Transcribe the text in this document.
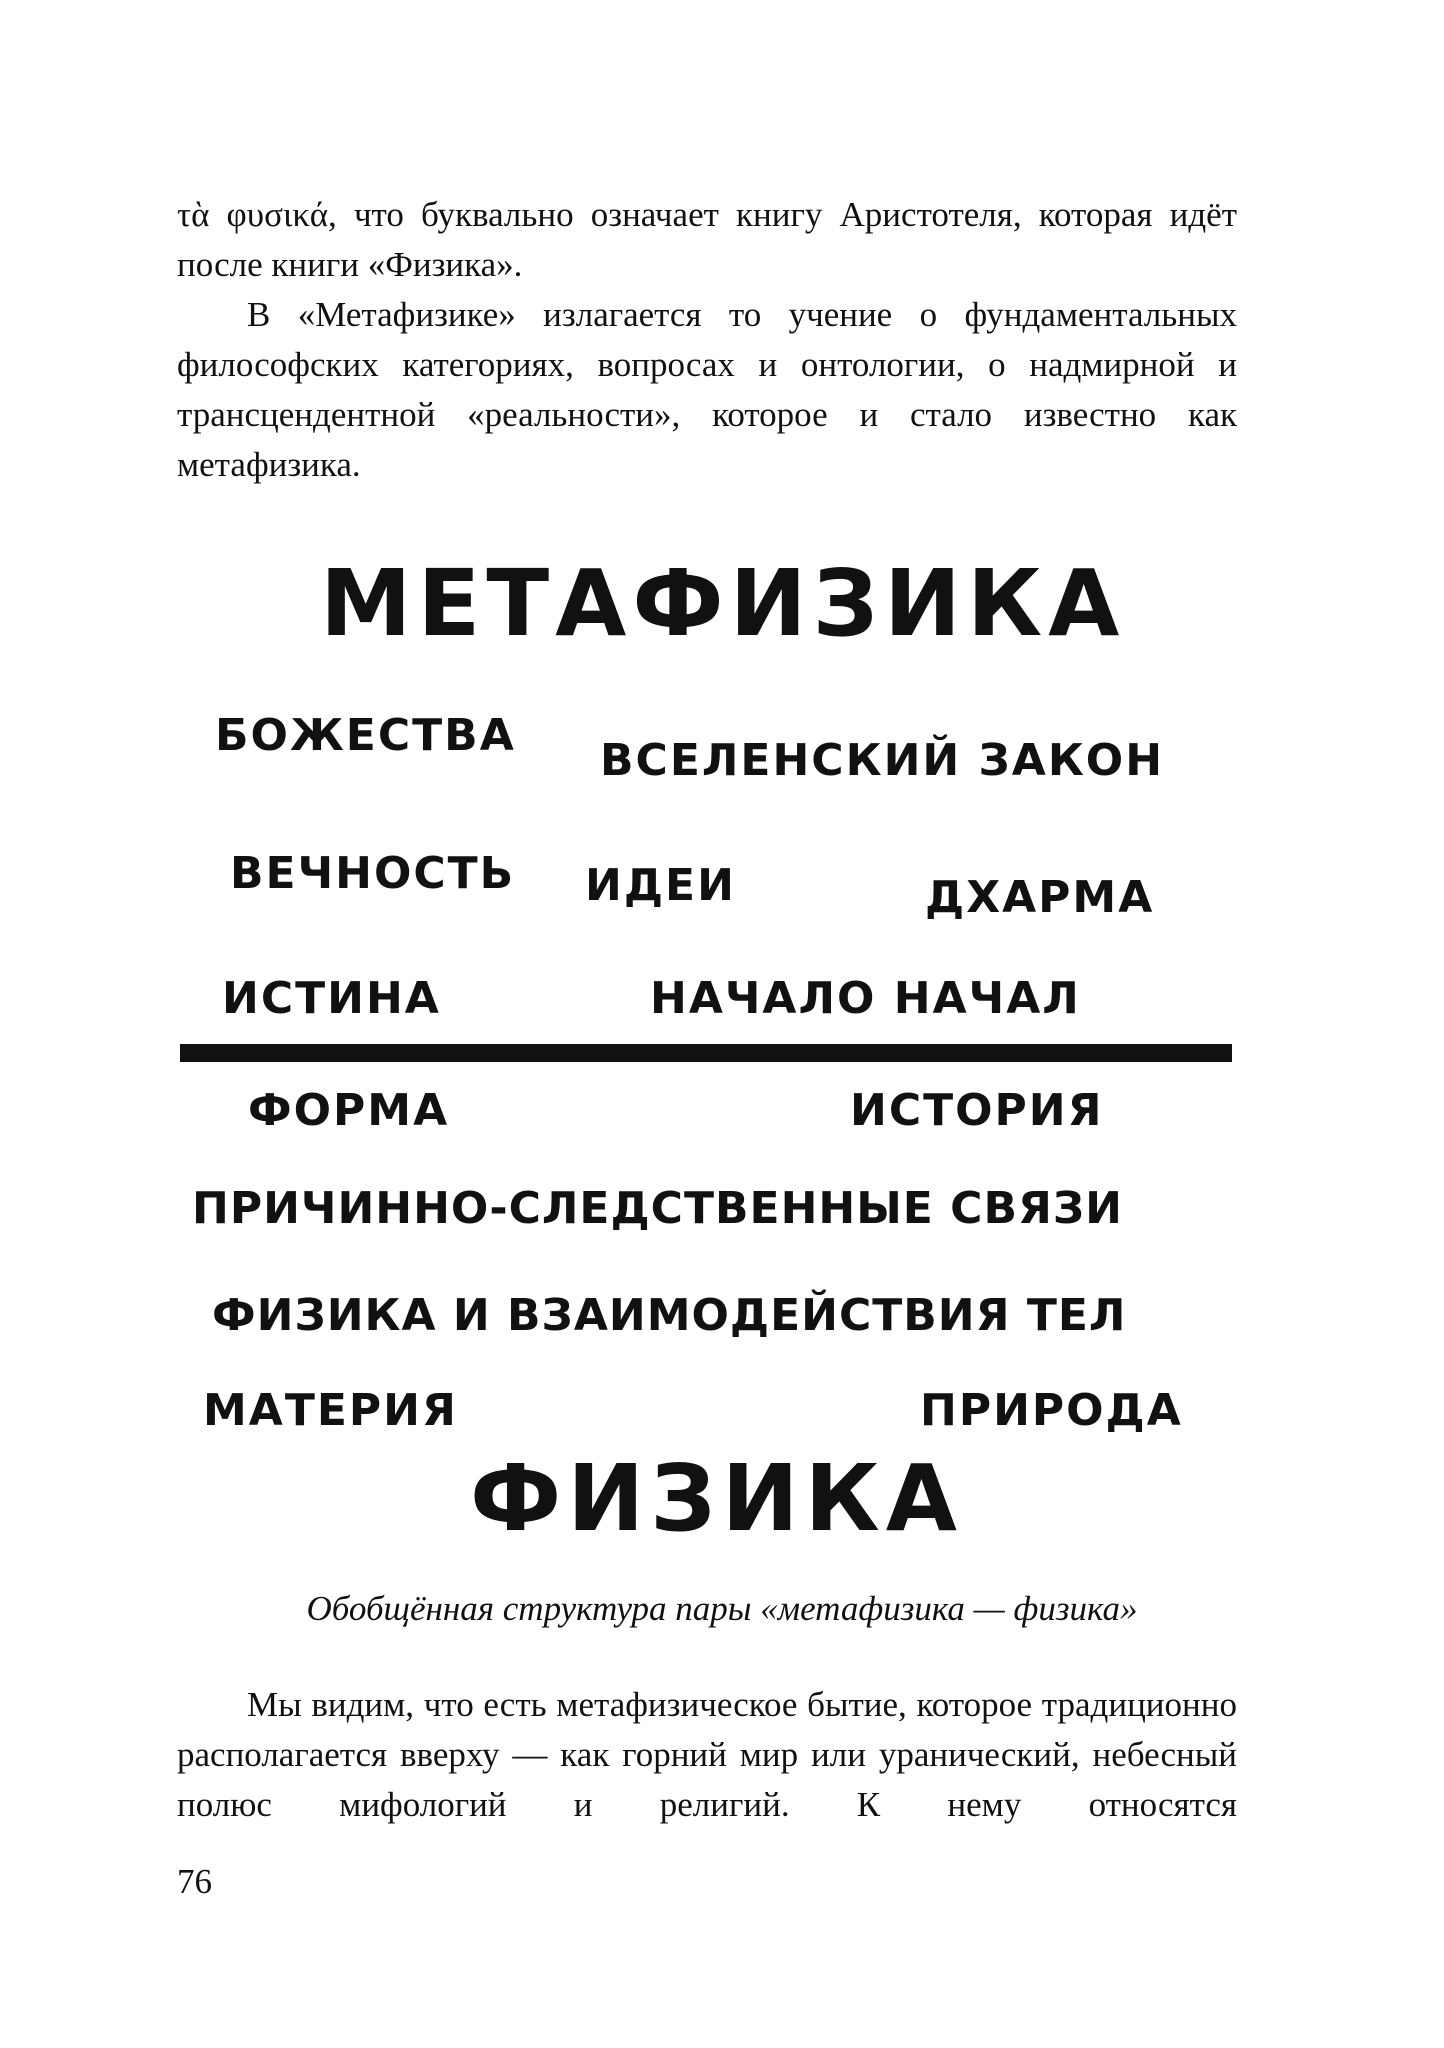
τὰ φυσικά, что буквально означает книгу Аристотеля, которая идёт после книги «Физика».

В «Метафизике» излагается то учение о фундаментальных философских категориях, вопросах и онтологии, о надмирной и трансцендентной «реальности», которое и стало известно как метафизика.

МЕТАФИЗИКА
БОЖЕСТВА ВСЕЛЕНСКИЙ ЗАКОН
ВЕЧНОСТЬ ИДЕИ	ДХАРМА
ИСТИНА	НАЧАЛО НАЧАЛ
ФОРМА	ИСТОРИЯ
ПРИЧИННО-СЛЕДСТВЕННЫЕ СВЯЗИ
ФИЗИКА И ВЗАИМОДЕЙСТВИЯ ТЕЛ
МАТЕРИЯ	ПРИРОДА
ФИЗИКА
Обобщённая структура пары «метафизика — физика»

Мы видим, что есть метафизическое бытие, которое традиционно располагается вверху — как горний мир или уранический, небесный полюс мифологий и религий. К нему относятся

76
